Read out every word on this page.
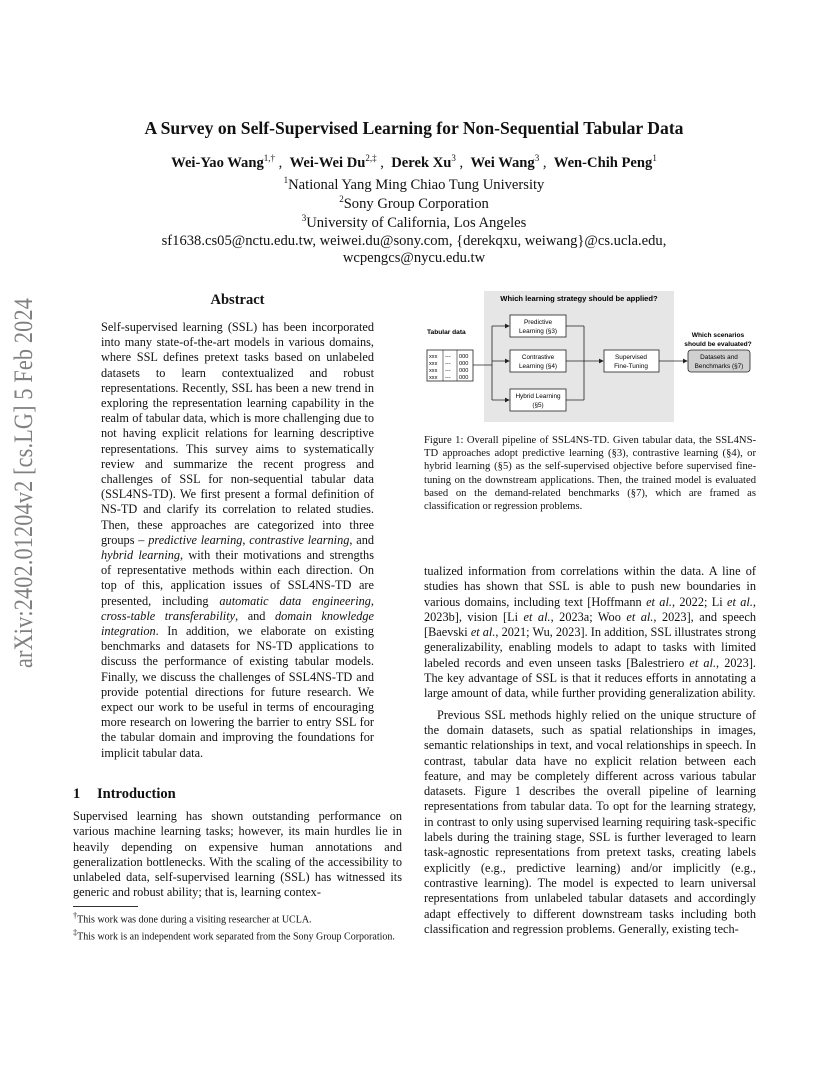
arXiv:2402.01204v2 [cs.LG] 5 Feb 2024
A Survey on Self-Supervised Learning for Non-Sequential Tabular Data
Wei-Yao Wang$^{1,\dagger}$ ,  Wei-Wei $Du^{2,\ddagger}$ ,  Derek Xu$^3$ ,  Wei Wang$^3$ ,  Wen-Chih Peng$^1$
$^1$National Yang Ming Chiao Tung University
$^2$Sony Group Corporation
$^3$University of California, Los Angeles
sf1638.cs05@nctu.edu.tw, weiwei.du@sony.com, {derekqxu, weiwang}@cs.ucla.edu,
wcpengcs@nycu.edu.tw
Abstract

Self-supervised learning (SSL) has been incorporated into many state-of-the-art models in various domains, where SSL defines pretext tasks based on unlabeled datasets to learn contextualized and robust representations. Recently, SSL has been a new trend in exploring the representation learning capability in the realm of tabular data, which is more challenging due to not having explicit relations for learning descriptive representations. This survey aims to systematically review and summarize the recent progress and challenges of SSL for non-sequential tabular data (SSL4NS-TD). We first present a formal definition of NS-TD and clarify its correlation to related studies. Then, these approaches are categorized into three groups – predictive learning, contrastive learning, and hybrid learning, with their motivations and strengths of representative methods within each direction. On top of this, application issues of SSL4NS-TD are presented, including automatic data engineering, cross-table transferability, and domain knowledge integration. In addition, we elaborate on existing benchmarks and datasets for NS-TD applications to discuss the performance of existing tabular models. Finally, we discuss the challenges of SSL4NS-TD and provide potential directions for future research. We expect our work to be useful in terms of encouraging more research on lowering the barrier to entry SSL for the tabular domain and improving the foundations for implicit tabular data.

1 Introduction

Supervised learning has shown outstanding performance on various machine learning tasks; however, its main hurdles lie in heavily depending on expensive human annotations and generalization bottlenecks. With the scaling of the accessibility to unlabeled data, self-supervised learning (SSL) has witnessed its generic and robust ability; that is, learning contex-

†This work was done during a visiting researcher at UCLA.

‡This work is an independent work separated from the Sony Group Corporation.

Which learning strategy should be applied?
Tabular data
xxx --- 000
xxx --- 000
xxx --- 000
xxx --- 000
Predictive
Learning (§3)
Contrastive
Learning (§4)
Hybrid Learning
(§5)
Supervised
Fine-Tuning
Which scenarios
should be evaluated?
Datasets and
Benchmarks (§7)

Figure 1: Overall pipeline of SSL4NS-TD. Given tabular data, the SSL4NS-TD approaches adopt predictive learning (§3), contrastive learning (§4), or hybrid learning (§5) as the self-supervised objective before supervised fine-tuning on the downstream applications. Then, the trained model is evaluated based on the demand-related benchmarks (§7), which are framed as classification or regression problems.

tualized information from correlations within the data. A line of studies has shown that SSL is able to push new boundaries in various domains, including text [Hoffmann et al., 2022; Li et al., 2023b], vision [Li et al., 2023a; Woo et al., 2023], and speech [Baevski et al., 2021; Wu, 2023]. In addition, SSL illustrates strong generalizability, enabling models to adapt to tasks with limited labeled records and even unseen tasks [Balestriero et al., 2023]. The key advantage of SSL is that it reduces efforts in annotating a large amount of data, while further providing generalization ability.

Previous SSL methods highly relied on the unique structure of the domain datasets, such as spatial relationships in images, semantic relationships in text, and vocal relationships in speech. In contrast, tabular data have no explicit relation between each feature, and may be completely different across various tabular datasets. Figure 1 describes the overall pipeline of learning representations from tabular data. To opt for the learning strategy, in contrast to only using supervised learning requiring task-specific labels during the training stage, SSL is further leveraged to learn task-agnostic representations from pretext tasks, creating labels explicitly (e.g., predictive learning) and/or implicitly (e.g., contrastive learning). The model is expected to learn universal representations from unlabeled tabular datasets and accordingly adapt effectively to different downstream tasks including both classification and regression problems. Generally, existing tech-
